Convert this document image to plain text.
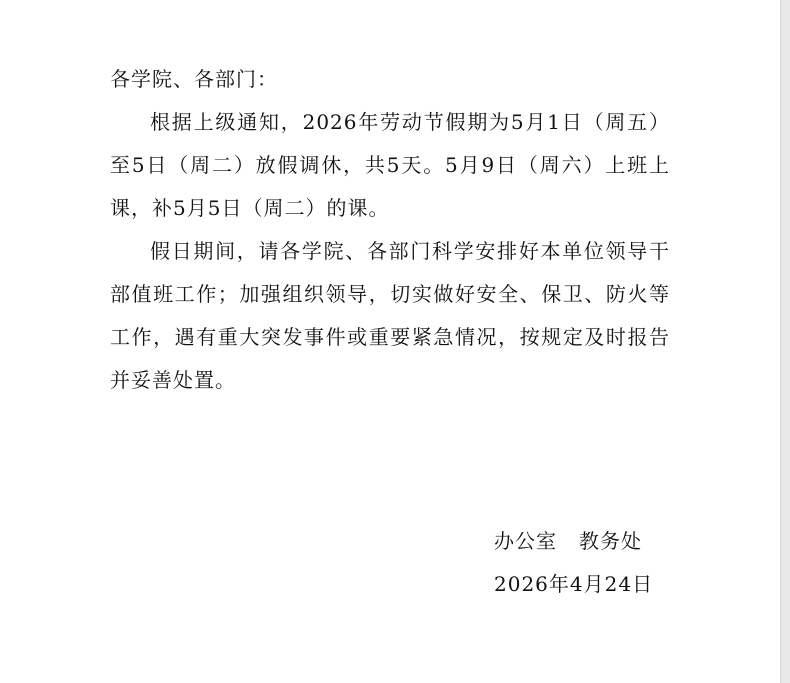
各学院、各部门：

根据上级通知，2026年劳动节假期为5月1日（周五）至5日（周二）放假调休，共5天。5月9日（周六）上班上课，补5月5日（周二）的课。

假日期间，请各学院、各部门科学安排好本单位领导干部值班工作；加强组织领导，切实做好安全、保卫、防火等工作，遇有重大突发事件或重要紧急情况，按规定及时报告并妥善处置。

办公室 教务处
2026年4月24日
